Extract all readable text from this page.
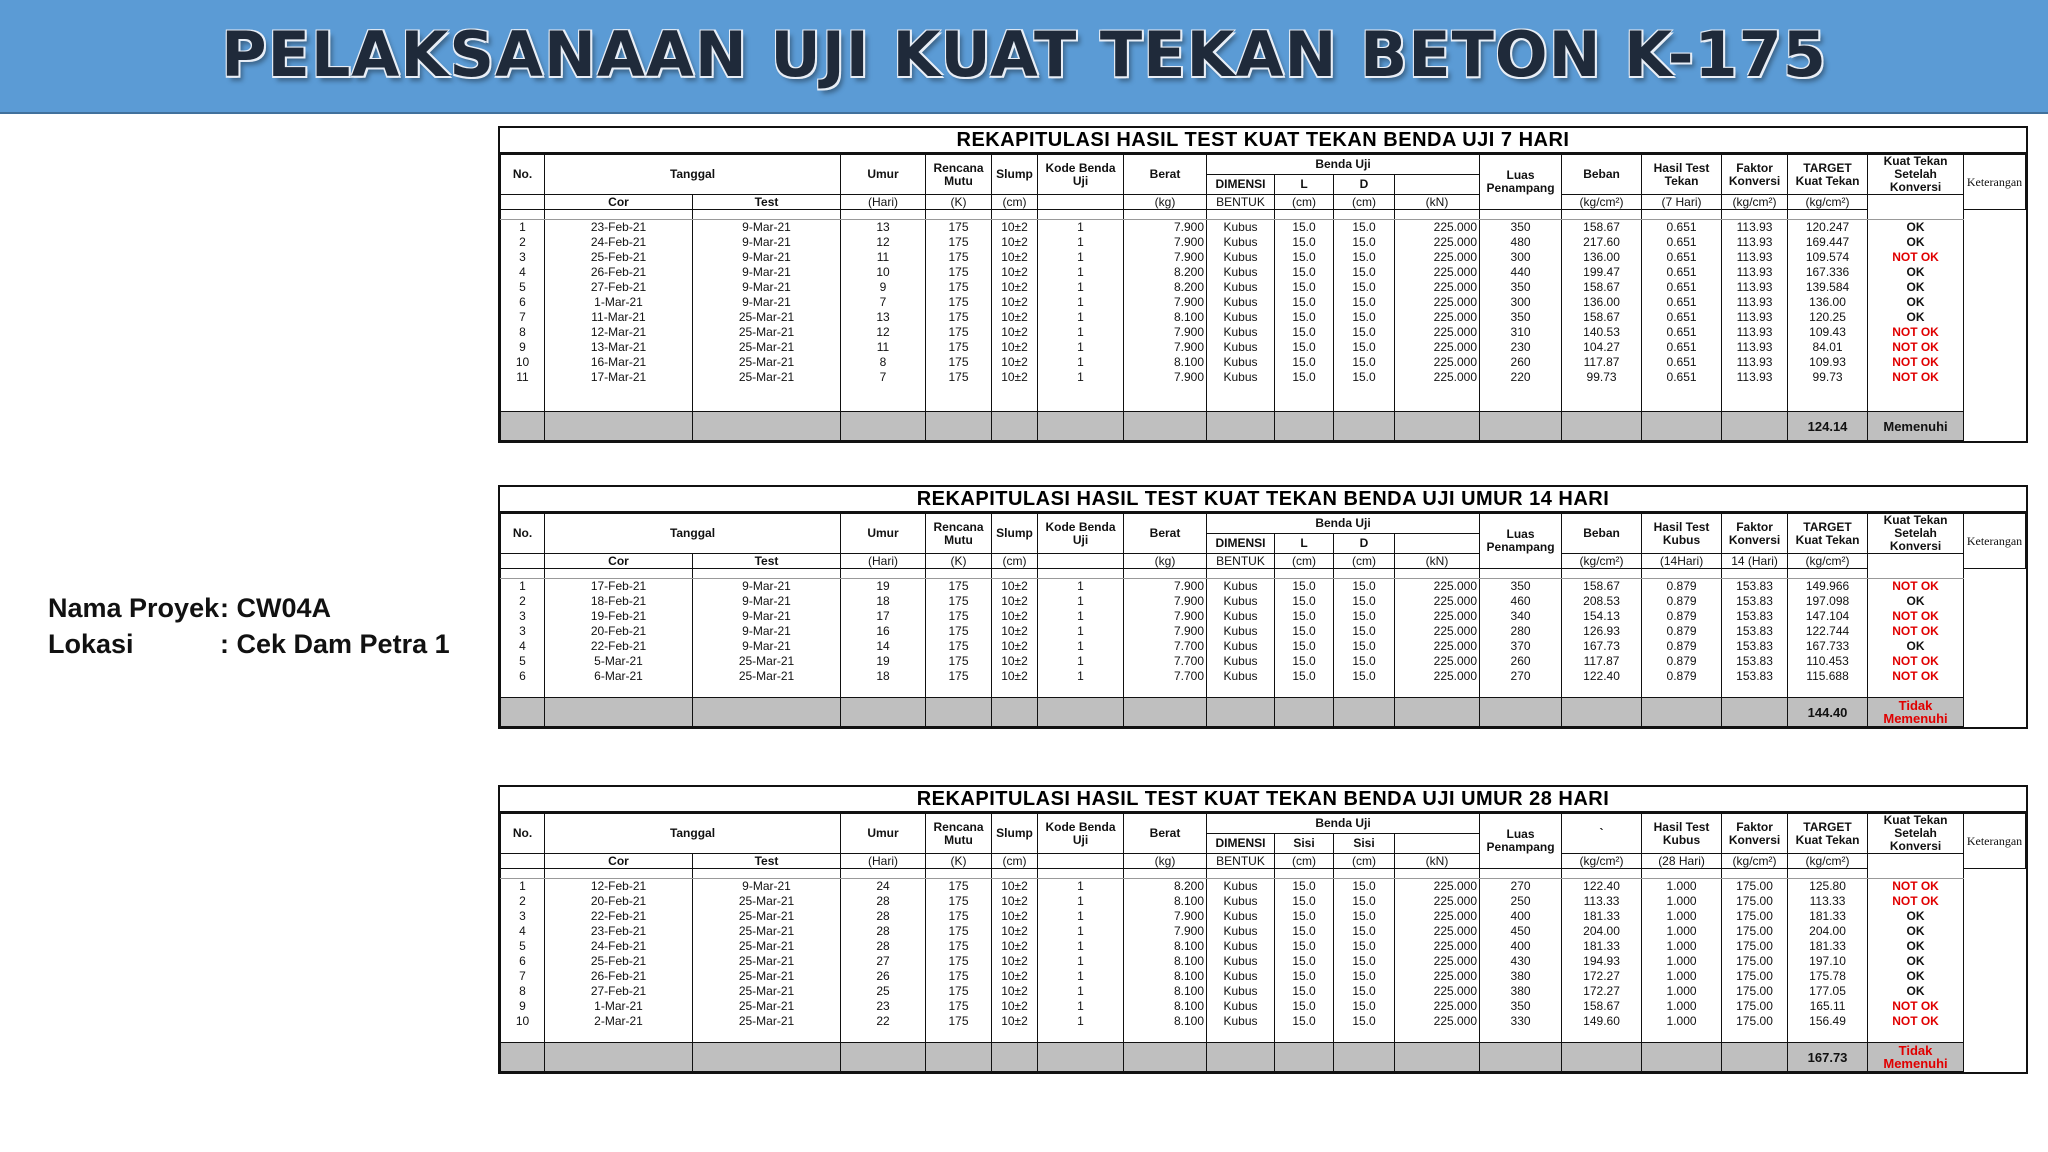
PELAKSANAAN UJI KUAT TEKAN BETON K-175
Nama Proyek : CW04A
Lokasi	: Cek Dam Petra 1
REKAPITULASI HASIL TEST KUAT TEKAN BENDA UJI 7 HARI
No.	Tanggal		Umur	Rencana Mutu	Slump	Kode Benda Uji	Berat	Benda Uji				Luas Penampang	Beban	Hasil Test Tekan	Faktor Konversi	TARGET Kuat Tekan	Kuat Tekan Setelah Konversi	Keterangan
								DIMENSI	L	D								
	Cor	Test	(Hari)	(K)	(cm)		(kg)	BENTUK	(cm)	(cm)	(kN)		(kg/cm²)	(7 Hari)	(kg/cm²)	(kg/cm²)		

1	23-Feb-21	9-Mar-21	13	175	10±2	1	7.900	Kubus	15.0	15.0	225.000	350	158.67	0.651	113.93	120.247	OK	
2	24-Feb-21	9-Mar-21	12	175	10±2	1	7.900	Kubus	15.0	15.0	225.000	480	217.60	0.651	113.93	169.447	OK	
3	25-Feb-21	9-Mar-21	11	175	10±2	1	7.900	Kubus	15.0	15.0	225.000	300	136.00	0.651	113.93	109.574	NOT OK	
4	26-Feb-21	9-Mar-21	10	175	10±2	1	8.200	Kubus	15.0	15.0	225.000	440	199.47	0.651	113.93	167.336	OK	
5	27-Feb-21	9-Mar-21	9	175	10±2	1	8.200	Kubus	15.0	15.0	225.000	350	158.67	0.651	113.93	139.584	OK	
6	1-Mar-21	9-Mar-21	7	175	10±2	1	7.900	Kubus	15.0	15.0	225.000	300	136.00	0.651	113.93	136.00	OK	
7	11-Mar-21	25-Mar-21	13	175	10±2	1	8.100	Kubus	15.0	15.0	225.000	350	158.67	0.651	113.93	120.25	OK	
8	12-Mar-21	25-Mar-21	12	175	10±2	1	7.900	Kubus	15.0	15.0	225.000	310	140.53	0.651	113.93	109.43	NOT OK	
9	13-Mar-21	25-Mar-21	11	175	10±2	1	7.900	Kubus	15.0	15.0	225.000	230	104.27	0.651	113.93	84.01	NOT OK	
10	16-Mar-21	25-Mar-21	8	175	10±2	1	8.100	Kubus	15.0	15.0	225.000	260	117.87	0.651	113.93	109.93	NOT OK	
11	17-Mar-21	25-Mar-21	7	175	10±2	1	7.900	Kubus	15.0	15.0	225.000	220	99.73	0.651	113.93	99.73	NOT OK	

																124.14	Memenuhi	
REKAPITULASI HASIL TEST KUAT TEKAN BENDA UJI UMUR 14 HARI
No.	Tanggal		Umur	Rencana Mutu	Slump	Kode Benda Uji	Berat	Benda Uji				Luas Penampang	Beban	Hasil Test Kubus	Faktor Konversi	TARGET Kuat Tekan	Kuat Tekan Setelah Konversi	Keterangan
								DIMENSI	L	D								
	Cor	Test	(Hari)	(K)	(cm)		(kg)	BENTUK	(cm)	(cm)	(kN)		(kg/cm²)	(14Hari)	14 (Hari)	(kg/cm²)		

1	17-Feb-21	9-Mar-21	19	175	10±2	1	7.900	Kubus	15.0	15.0	225.000	350	158.67	0.879	153.83	149.966	NOT OK	
2	18-Feb-21	9-Mar-21	18	175	10±2	1	7.900	Kubus	15.0	15.0	225.000	460	208.53	0.879	153.83	197.098	OK	
3	19-Feb-21	9-Mar-21	17	175	10±2	1	7.900	Kubus	15.0	15.0	225.000	340	154.13	0.879	153.83	147.104	NOT OK	
3	20-Feb-21	9-Mar-21	16	175	10±2	1	7.900	Kubus	15.0	15.0	225.000	280	126.93	0.879	153.83	122.744	NOT OK	
4	22-Feb-21	9-Mar-21	14	175	10±2	1	7.700	Kubus	15.0	15.0	225.000	370	167.73	0.879	153.83	167.733	OK	
5	5-Mar-21	25-Mar-21	19	175	10±2	1	7.700	Kubus	15.0	15.0	225.000	260	117.87	0.879	153.83	110.453	NOT OK	
6	6-Mar-21	25-Mar-21	18	175	10±2	1	7.700	Kubus	15.0	15.0	225.000	270	122.40	0.879	153.83	115.688	NOT OK	

																144.40	Tidak Memenuhi	
REKAPITULASI HASIL TEST KUAT TEKAN BENDA UJI UMUR 28 HARI
No.	Tanggal		Umur	Rencana Mutu	Slump	Kode Benda Uji	Berat	Benda Uji				Luas Penampang	`	Hasil Test Kubus	Faktor Konversi	TARGET Kuat Tekan	Kuat Tekan Setelah Konversi	Keterangan
								DIMENSI	Sisi	Sisi								
	Cor	Test	(Hari)	(K)	(cm)		(kg)	BENTUK	(cm)	(cm)	(kN)		(kg/cm²)	(28 Hari)	(kg/cm²)	(kg/cm²)		

1	12-Feb-21	9-Mar-21	24	175	10±2	1	8.200	Kubus	15.0	15.0	225.000	270	122.40	1.000	175.00	125.80	NOT OK	
2	20-Feb-21	25-Mar-21	28	175	10±2	1	8.100	Kubus	15.0	15.0	225.000	250	113.33	1.000	175.00	113.33	NOT OK	
3	22-Feb-21	25-Mar-21	28	175	10±2	1	7.900	Kubus	15.0	15.0	225.000	400	181.33	1.000	175.00	181.33	OK	
4	23-Feb-21	25-Mar-21	28	175	10±2	1	7.900	Kubus	15.0	15.0	225.000	450	204.00	1.000	175.00	204.00	OK	
5	24-Feb-21	25-Mar-21	28	175	10±2	1	8.100	Kubus	15.0	15.0	225.000	400	181.33	1.000	175.00	181.33	OK	
6	25-Feb-21	25-Mar-21	27	175	10±2	1	8.100	Kubus	15.0	15.0	225.000	430	194.93	1.000	175.00	197.10	OK	
7	26-Feb-21	25-Mar-21	26	175	10±2	1	8.100	Kubus	15.0	15.0	225.000	380	172.27	1.000	175.00	175.78	OK	
8	27-Feb-21	25-Mar-21	25	175	10±2	1	8.100	Kubus	15.0	15.0	225.000	380	172.27	1.000	175.00	177.05	OK	
9	1-Mar-21	25-Mar-21	23	175	10±2	1	8.100	Kubus	15.0	15.0	225.000	350	158.67	1.000	175.00	165.11	NOT OK	
10	2-Mar-21	25-Mar-21	22	175	10±2	1	8.100	Kubus	15.0	15.0	225.000	330	149.60	1.000	175.00	156.49	NOT OK	

																167.73	Tidak Memenuhi	
